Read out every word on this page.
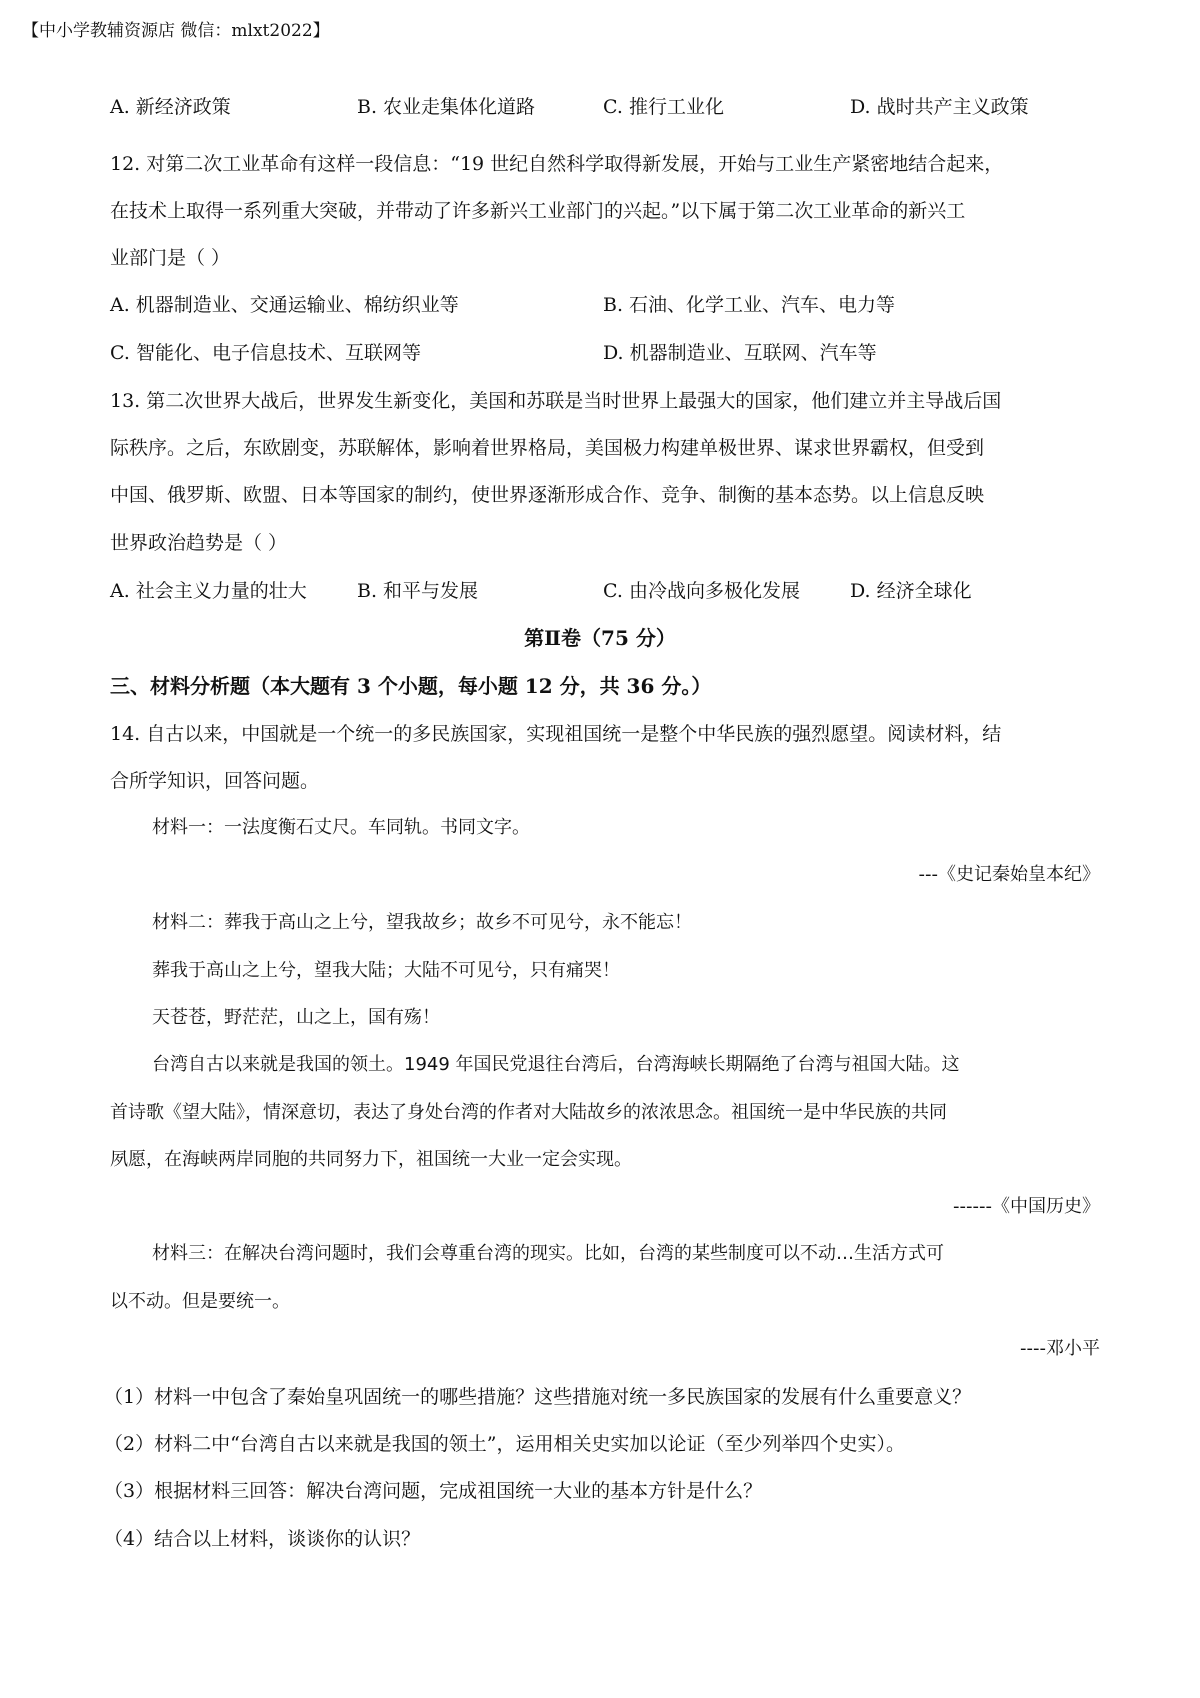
【中小学教辅资源店 微信：mlxt2022】
A. 新经济政策	B. 农业走集体化道路	C. 推行工业化	D. 战时共产主义政策
12. 对第二次工业革命有这样一段信息：“19 世纪自然科学取得新发展，开始与工业生产紧密地结合起来，
在技术上取得一系列重大突破，并带动了许多新兴工业部门的兴起。”以下属于第二次工业革命的新兴工
业部门是（ ）
A. 机器制造业、交通运输业、棉纺织业等	B. 石油、化学工业、汽车、电力等
C. 智能化、电子信息技术、互联网等	D. 机器制造业、互联网、汽车等
13. 第二次世界大战后，世界发生新变化，美国和苏联是当时世界上最强大的国家，他们建立并主导战后国
际秩序。之后，东欧剧变，苏联解体，影响着世界格局，美国极力构建单极世界、谋求世界霸权，但受到
中国、俄罗斯、欧盟、日本等国家的制约，使世界逐渐形成合作、竞争、制衡的基本态势。以上信息反映
世界政治趋势是（ ）
A. 社会主义力量的壮大	B. 和平与发展	C. 由冷战向多极化发展	D. 经济全球化
第Ⅱ卷（75 分）
三、材料分析题（本大题有 3 个小题，每小题 12 分，共 36 分。）
14. 自古以来，中国就是一个统一的多民族国家，实现祖国统一是整个中华民族的强烈愿望。阅读材料，结
合所学知识，回答问题。
材料一：一法度衡石丈尺。车同轨。书同文字。
---《史记秦始皇本纪》
材料二：葬我于高山之上兮，望我故乡；故乡不可见兮，永不能忘！
葬我于高山之上兮，望我大陆；大陆不可见兮，只有痛哭！
天苍苍，野茫茫，山之上，国有殇！
台湾自古以来就是我国的领土。1949 年国民党退往台湾后，台湾海峡长期隔绝了台湾与祖国大陆。这
首诗歌《望大陆》，情深意切，表达了身处台湾的作者对大陆故乡的浓浓思念。祖国统一是中华民族的共同
夙愿，在海峡两岸同胞的共同努力下，祖国统一大业一定会实现。
------《中国历史》
材料三：在解决台湾问题时，我们会尊重台湾的现实。比如，台湾的某些制度可以不动…生活方式可
以不动。但是要统一。
----邓小平
（1）材料一中包含了秦始皇巩固统一的哪些措施？这些措施对统一多民族国家的发展有什么重要意义？
（2）材料二中“台湾自古以来就是我国的领土”，运用相关史实加以论证（至少列举四个史实）。
（3）根据材料三回答：解决台湾问题，完成祖国统一大业的基本方针是什么？
（4）结合以上材料，谈谈你的认识？
